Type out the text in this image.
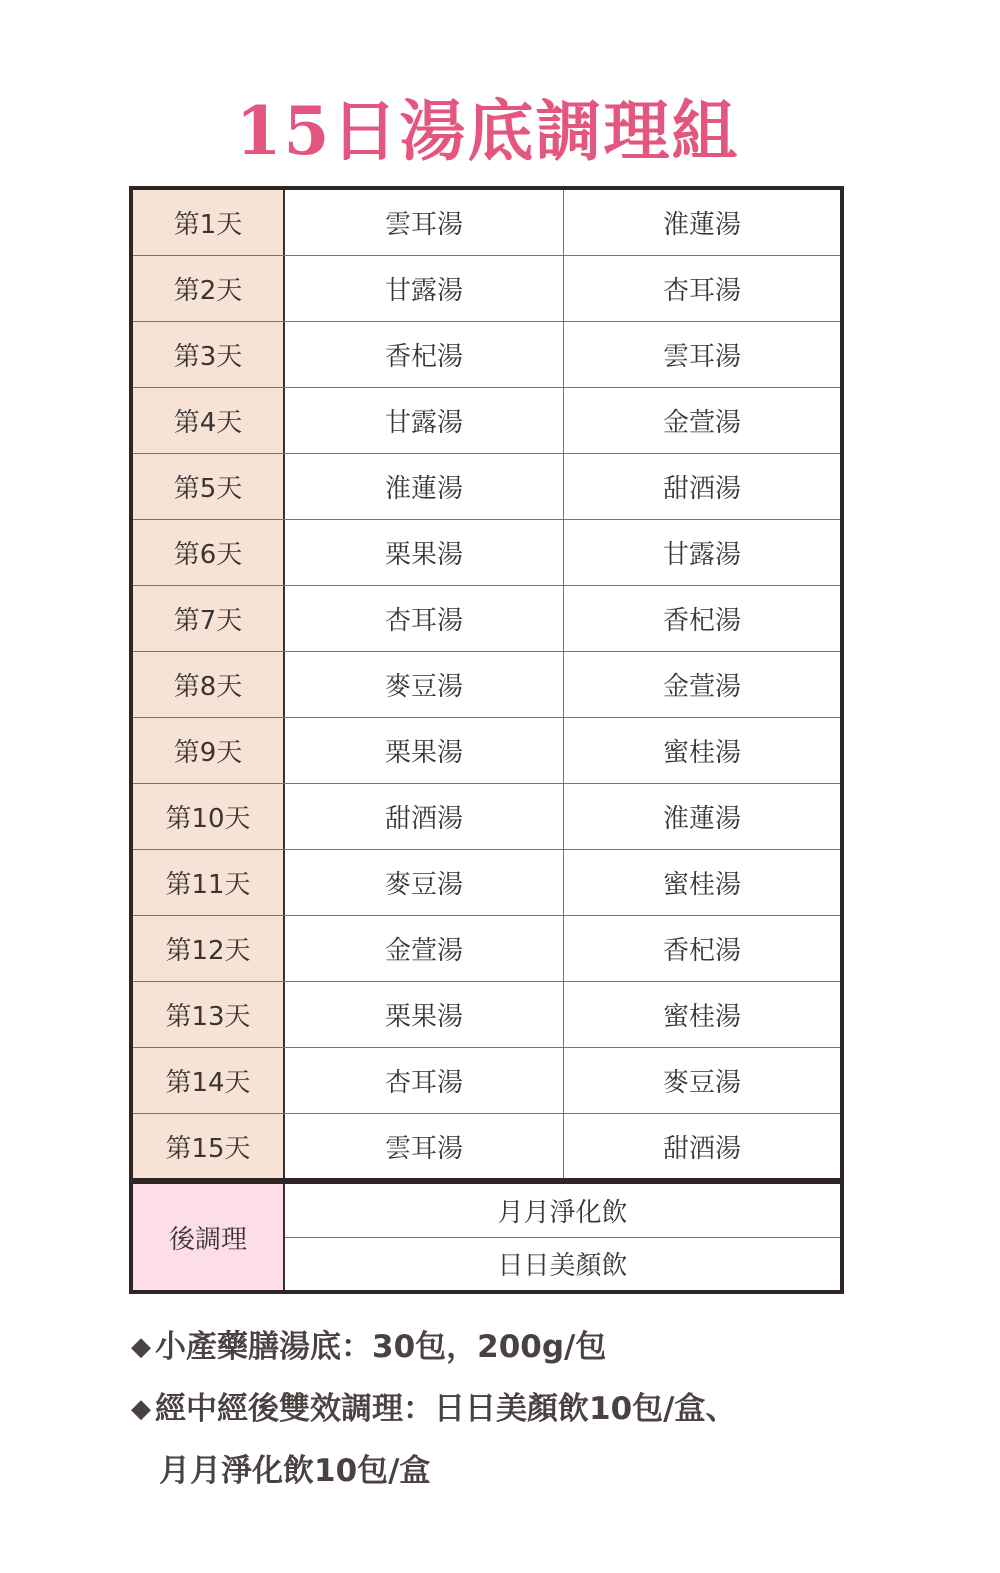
15日湯底調理組
第1天	雲耳湯	淮蓮湯
第2天	甘露湯	杏耳湯
第3天	香杞湯	雲耳湯
第4天	甘露湯	金萱湯
第5天	淮蓮湯	甜酒湯
第6天	栗果湯	甘露湯
第7天	杏耳湯	香杞湯
第8天	麥豆湯	金萱湯
第9天	栗果湯	蜜桂湯
第10天	甜酒湯	淮蓮湯
第11天	麥豆湯	蜜桂湯
第12天	金萱湯	香杞湯
第13天	栗果湯	蜜桂湯
第14天	杏耳湯	麥豆湯
第15天	雲耳湯	甜酒湯
後調理
月月淨化飲
日日美顏飲
◆ 小產藥膳湯底：30包，200g/包
◆ 經中經後雙效調理：日日美顏飲10包/盒、
月月淨化飲10包/盒
